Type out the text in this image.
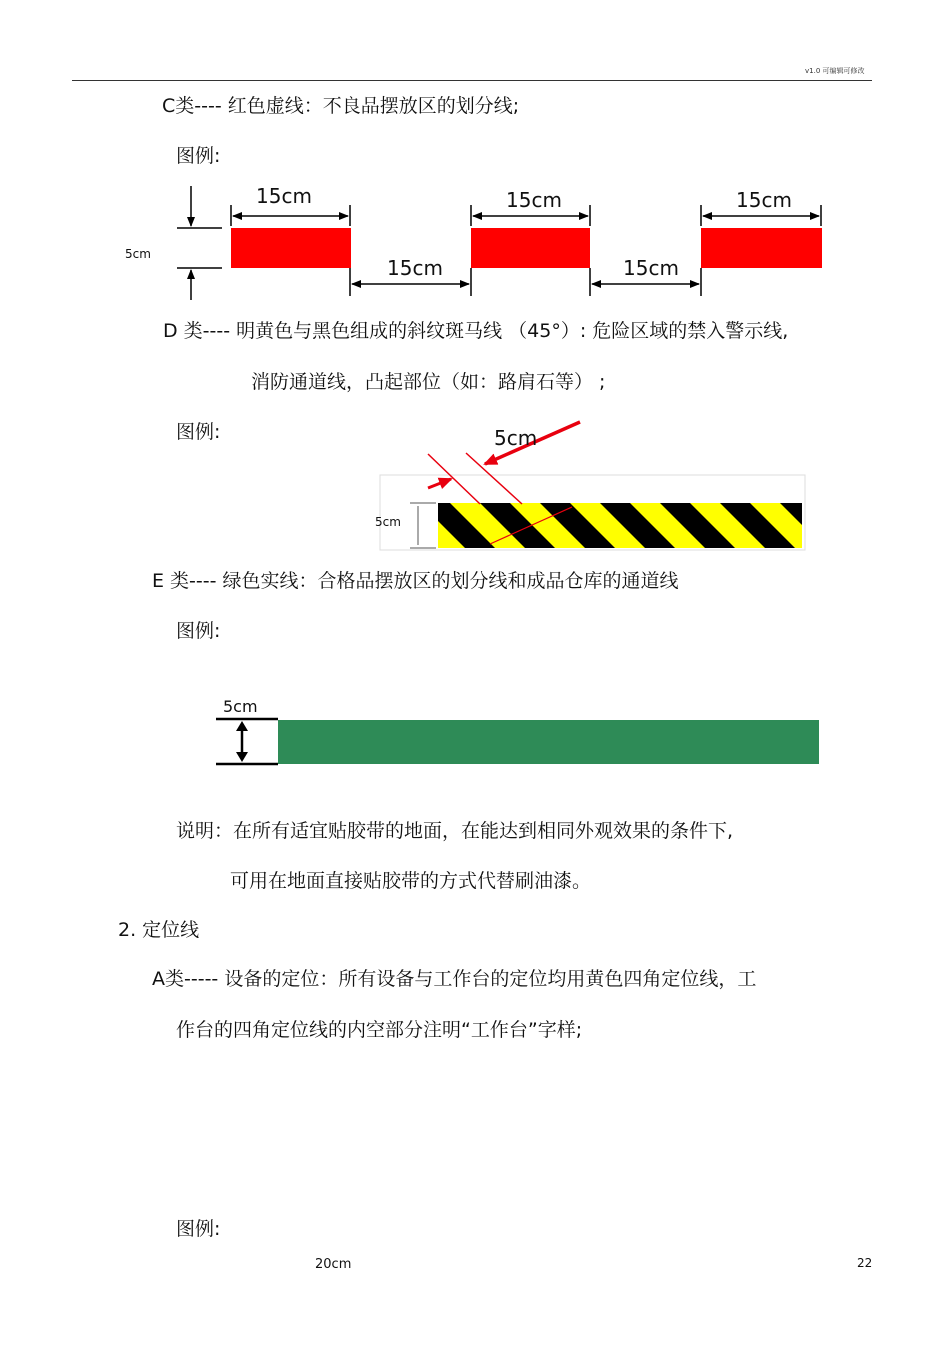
v1.0 可编辑可修改
C类---- 红色虚线：不良品摆放区的划分线;
图例:
15cm	15cm	15cm
15cm	15cm
5cm
D 类---- 明黄色与黑色组成的斜纹斑马线 （45°）: 危险区域的禁入警示线,
消防通道线，凸起部位（如：路肩石等） ;
图例:	5cm
5cm
E 类---- 绿色实线：合格品摆放区的划分线和成品仓库的通道线
图例:
5cm
说明：在所有适宜贴胶带的地面，在能达到相同外观效果的条件下,
可用在地面直接贴胶带的方式代替刷油漆。
2. 定位线
A类----- 设备的定位：所有设备与工作台的定位均用黄色四角定位线，工
作台的四角定位线的内空部分注明“工作台”字样;
图例:
20cm	22
